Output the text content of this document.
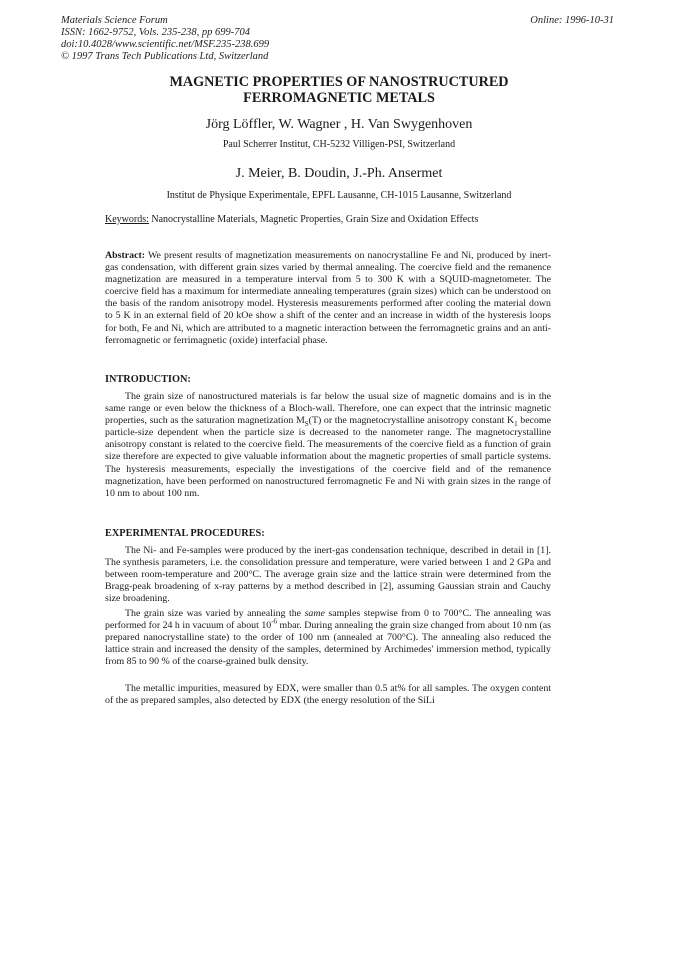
Materials Science Forum
ISSN: 1662-9752, Vols. 235-238, pp 699-704
doi:10.4028/www.scientific.net/MSF.235-238.699
© 1997 Trans Tech Publications Ltd, Switzerland
Online: 1996-10-31
MAGNETIC PROPERTIES OF NANOSTRUCTURED
FERROMAGNETIC METALS
Jörg Löffler, W. Wagner , H. Van Swygenhoven
Paul Scherrer Institut, CH-5232 Villigen-PSI, Switzerland
J. Meier, B. Doudin, J.-Ph. Ansermet
Institut de Physique Experimentale, EPFL Lausanne, CH-1015 Lausanne, Switzerland
Keywords: Nanocrystalline Materials, Magnetic Properties, Grain Size and Oxidation Effects
Abstract: We present results of magnetization measurements on nanocrystalline Fe and Ni, produced by inert-gas condensation, with different grain sizes varied by thermal annealing. The coercive field and the remanence magnetization are measured in a temperature interval from 5 to 300 K with a SQUID-magnetometer. The coercive field has a maximum for intermediate annealing temperatures (grain sizes) which can be understood on the basis of the random anisotropy model. Hysteresis measurements performed after cooling the material down to 5 K in an external field of 20 kOe show a shift of the center and an increase in width of the hysteresis loops for both, Fe and Ni, which are attributed to a magnetic interaction between the ferromagnetic grains and an anti-ferromagnetic or ferrimagnetic (oxide) interfacial phase.
INTRODUCTION:
The grain size of nanostructured materials is far below the usual size of magnetic domains and is in the same range or even below the thickness of a Bloch-wall. Therefore, one can expect that the intrinsic magnetic properties, such as the saturation magnetization $M_S(T)$ or the magnetocrystalline anisotropy constant $K_1$ become particle-size dependent when the particle size is decreased to the nanometer range. The magnetocrystalline anisotropy constant is related to the coercive field. The measurements of the coercive field as a function of grain size therefore are expected to give valuable information about the magnetic properties of small particle systems. The hysteresis measurements, especially the investigations of the coercive field and of the remanence magnetization, have been performed on nanostructured ferromagnetic Fe and Ni with grain sizes in the range of 10 nm to about 100 nm.
EXPERIMENTAL PROCEDURES:
The Ni- and Fe-samples were produced by the inert-gas condensation technique, described in detail in [1]. The synthesis parameters, i.e. the consolidation pressure and temperature, were varied between 1 and 2 GPa and between room-temperature and 200°C. The average grain size and the lattice strain were determined from the Bragg-peak broadening of x-ray patterns by a method described in [2], assuming Gaussian strain and Cauchy size broadening.
The grain size was varied by annealing the same samples stepwise from 0 to 700°C. The annealing was performed for 24 h in vacuum of about $10^{-6}$ mbar. During annealing the grain size changed from about 10 nm (as prepared nanocrystalline state) to the order of 100 nm (annealed at 700°C). The annealing also reduced the lattice strain and increased the density of the samples, determined by Archimedes' immersion method, typically from 85 to 90 % of the coarse-grained bulk density.
The metallic impurities, measured by EDX, were smaller than 0.5 at% for all samples. The oxygen content of the as prepared samples, also detected by EDX (the energy resolution of the SiLi
